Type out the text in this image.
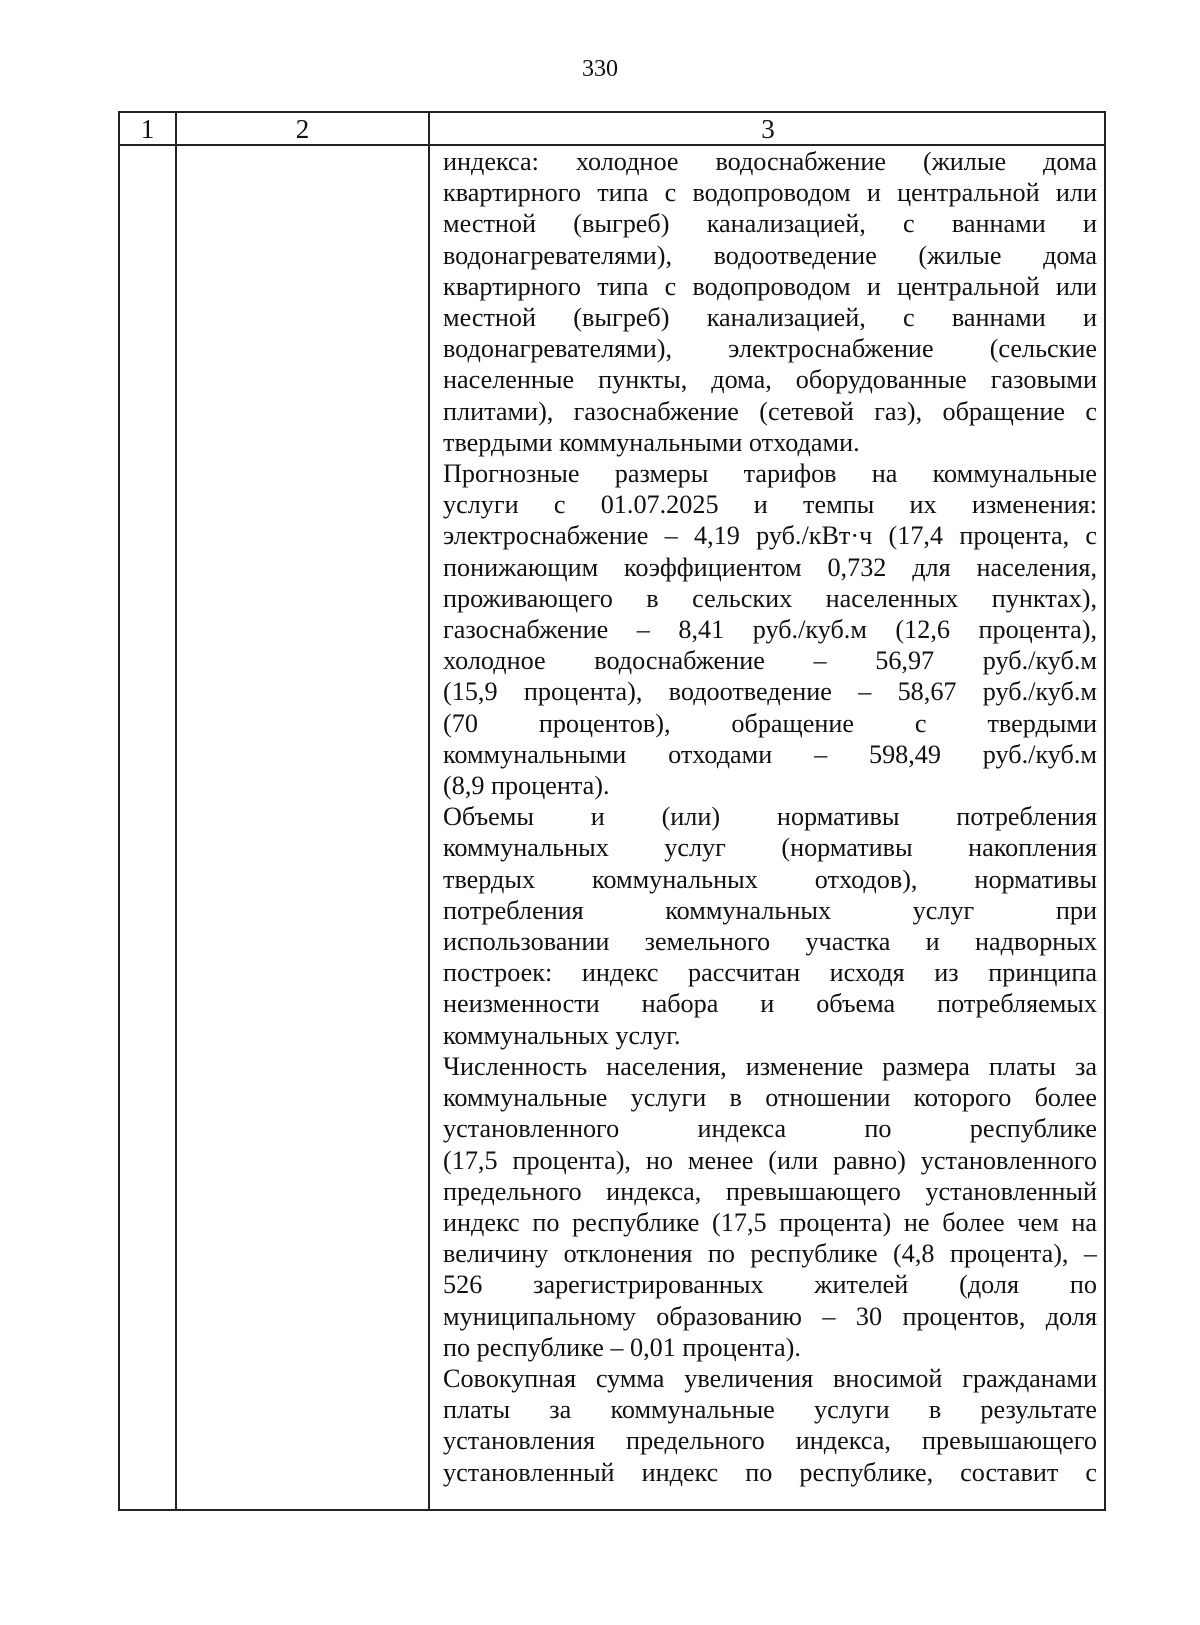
330
1	2	3
индекса: холодное водоснабжение (жилые дома
квартирного типа с водопроводом и центральной или
местной (выгреб) канализацией, с ваннами и
водонагревателями), водоотведение (жилые дома
квартирного типа с водопроводом и центральной или
местной (выгреб) канализацией, с ваннами и
водонагревателями), электроснабжение (сельские
населенные пункты, дома, оборудованные газовыми
плитами), газоснабжение (сетевой газ), обращение с
твердыми коммунальными отходами.
Прогнозные размеры тарифов на коммунальные
услуги с 01.07.2025 и темпы их изменения:
электроснабжение – 4,19 руб./кВт·ч (17,4 процента, с
понижающим коэффициентом 0,732 для населения,
проживающего в сельских населенных пунктах),
газоснабжение – 8,41 руб./куб.м (12,6 процента),
холодное водоснабжение – 56,97 руб./куб.м
(15,9 процента), водоотведение – 58,67 руб./куб.м
(70 процентов), обращение с твердыми
коммунальными отходами – 598,49 руб./куб.м
(8,9 процента).
Объемы и (или) нормативы потребления
коммунальных услуг (нормативы накопления
твердых коммунальных отходов), нормативы
потребления коммунальных услуг при
использовании земельного участка и надворных
построек: индекс рассчитан исходя из принципа
неизменности набора и объема потребляемых
коммунальных услуг.
Численность населения, изменение размера платы за
коммунальные услуги в отношении которого более
установленного индекса по республике
(17,5 процента), но менее (или равно) установленного
предельного индекса, превышающего установленный
индекс по республике (17,5 процента) не более чем на
величину отклонения по республике (4,8 процента), –
526 зарегистрированных жителей (доля по
муниципальному образованию – 30 процентов, доля
по республике – 0,01 процента).
Совокупная сумма увеличения вносимой гражданами
платы за коммунальные услуги в результате
установления предельного индекса, превышающего
установленный индекс по республике, составит с
